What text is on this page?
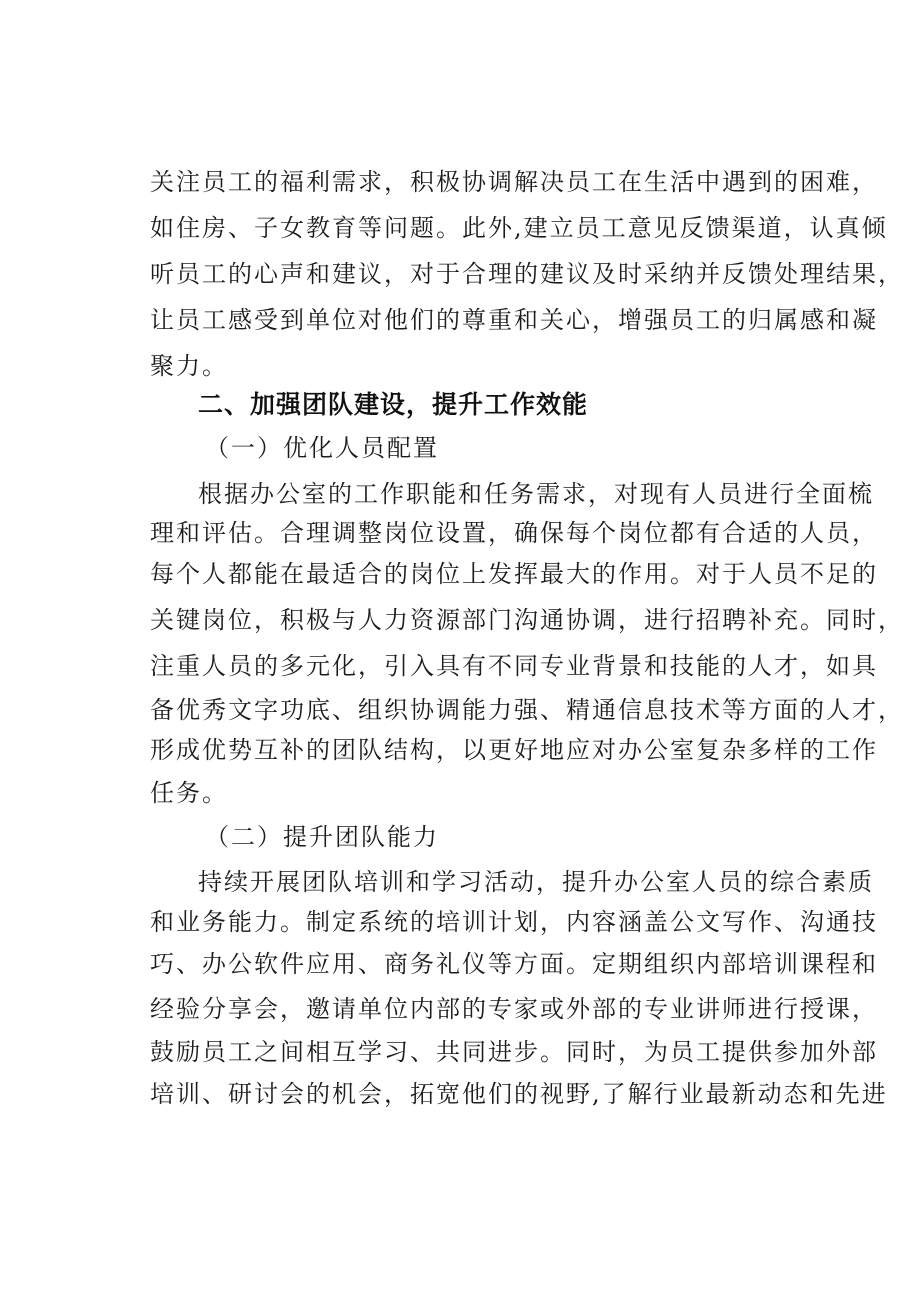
关注员工的福利需求，积极协调解决员工在生活中遇到的困难，
如住房、子女教育等问题。此外,建立员工意见反馈渠道，认真倾
听员工的心声和建议，对于合理的建议及时采纳并反馈处理结果，
让员工感受到单位对他们的尊重和关心，增强员工的归属感和凝
聚力。
二、加强团队建设，提升工作效能
（一）优化人员配置
根据办公室的工作职能和任务需求，对现有人员进行全面梳
理和评估。合理调整岗位设置，确保每个岗位都有合适的人员，
每个人都能在最适合的岗位上发挥最大的作用。对于人员不足的
关键岗位，积极与人力资源部门沟通协调，进行招聘补充。同时，
注重人员的多元化，引入具有不同专业背景和技能的人才，如具
备优秀文字功底、组织协调能力强、精通信息技术等方面的人才，
形成优势互补的团队结构，以更好地应对办公室复杂多样的工作
任务。
（二）提升团队能力
持续开展团队培训和学习活动，提升办公室人员的综合素质
和业务能力。制定系统的培训计划，内容涵盖公文写作、沟通技
巧、办公软件应用、商务礼仪等方面。定期组织内部培训课程和
经验分享会，邀请单位内部的专家或外部的专业讲师进行授课，
鼓励员工之间相互学习、共同进步。同时，为员工提供参加外部
培训、研讨会的机会，拓宽他们的视野,了解行业最新动态和先进
